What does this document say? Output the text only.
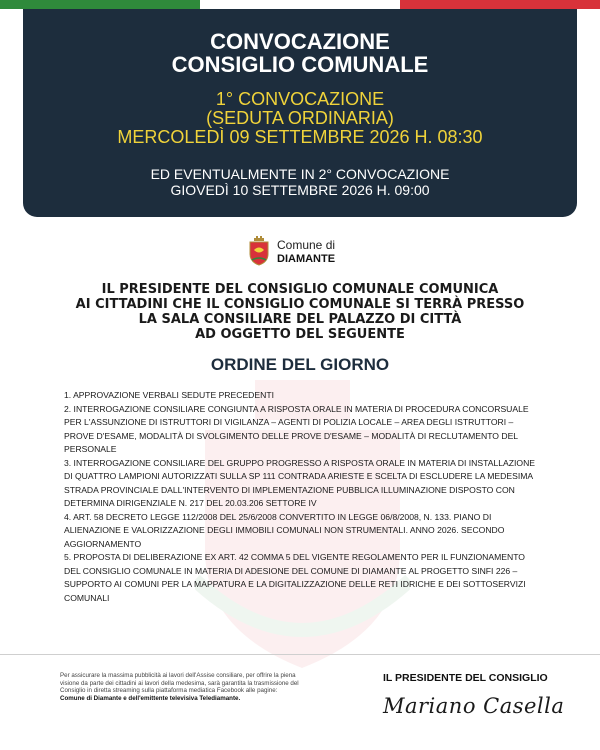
CONVOCAZIONE
CONSIGLIO COMUNALE
1° CONVOCAZIONE
(SEDUTA ORDINARIA)
MERCOLEDÌ 09 SETTEMBRE 2026 H. 08:30
ED EVENTUALMENTE IN 2° CONVOCAZIONE
GIOVEDÌ 10 SETTEMBRE 2026 H. 09:00
Comune di
DIAMANTE
IL PRESIDENTE DEL CONSIGLIO COMUNALE COMUNICA
AI CITTADINI CHE IL CONSIGLIO COMUNALE SI TERRÀ PRESSO
LA SALA CONSILIARE DEL PALAZZO DI CITTÀ
AD OGGETTO DEL SEGUENTE
ORDINE DEL GIORNO

1. APPROVAZIONE VERBALI SEDUTE PRECEDENTI

2. INTERROGAZIONE CONSILIARE CONGIUNTA A RISPOSTA ORALE IN MATERIA DI PROCEDURA CONCORSUALE PER L'ASSUNZIONE DI ISTRUTTORI DI VIGILANZA – AGENTI DI POLIZIA LOCALE – AREA DEGLI ISTRUTTORI – PROVE D'ESAME, MODALITÀ DI SVOLGIMENTO DELLE PROVE D'ESAME – MODALITÀ DI RECLUTAMENTO DEL PERSONALE

3. INTERROGAZIONE CONSILIARE DEL GRUPPO PROGRESSO A RISPOSTA ORALE IN MATERIA DI INSTALLAZIONE DI QUATTRO LAMPIONI AUTORIZZATI SULLA SP 111 CONTRADA ARIESTE E SCELTA DI ESCLUDERE LA MEDESIMA STRADA PROVINCIALE DALL'INTERVENTO DI IMPLEMENTAZIONE PUBBLICA ILLUMINAZIONE DISPOSTO CON DETERMINA DIRIGENZIALE N. 217 DEL 20.03.206 SETTORE IV

4. ART. 58 DECRETO LEGGE 112/2008 DEL 25/6/2008 CONVERTITO IN LEGGE 06/8/2008, N. 133. PIANO DI ALIENAZIONE E VALORIZZAZIONE DEGLI IMMOBILI COMUNALI NON STRUMENTALI. ANNO 2026. SECONDO AGGIORNAMENTO

5. PROPOSTA DI DELIBERAZIONE EX ART. 42 COMMA 5 DEL VIGENTE REGOLAMENTO PER IL FUNZIONAMENTO DEL CONSIGLIO COMUNALE IN MATERIA DI ADESIONE DEL COMUNE DI DIAMANTE AL PROGETTO SINFI 226 – SUPPORTO AI COMUNI PER LA MAPPATURA E LA DIGITALIZZAZIONE DELLE RETI IDRICHE E DEI SOTTOSERVIZI COMUNALI

Per assicurare la massima pubblicità ai lavori dell'Assise consiliare, per offrire la piena visione da parte dei cittadini ai lavori della medesima, sarà garantita la trasmissione del Consiglio in diretta streaming sulla piattaforma mediatica Facebook alle pagine: Comune di Diamante e dell'emittente televisiva Telediamante.
IL PRESIDENTE DEL CONSIGLIO
Mariano Casella
